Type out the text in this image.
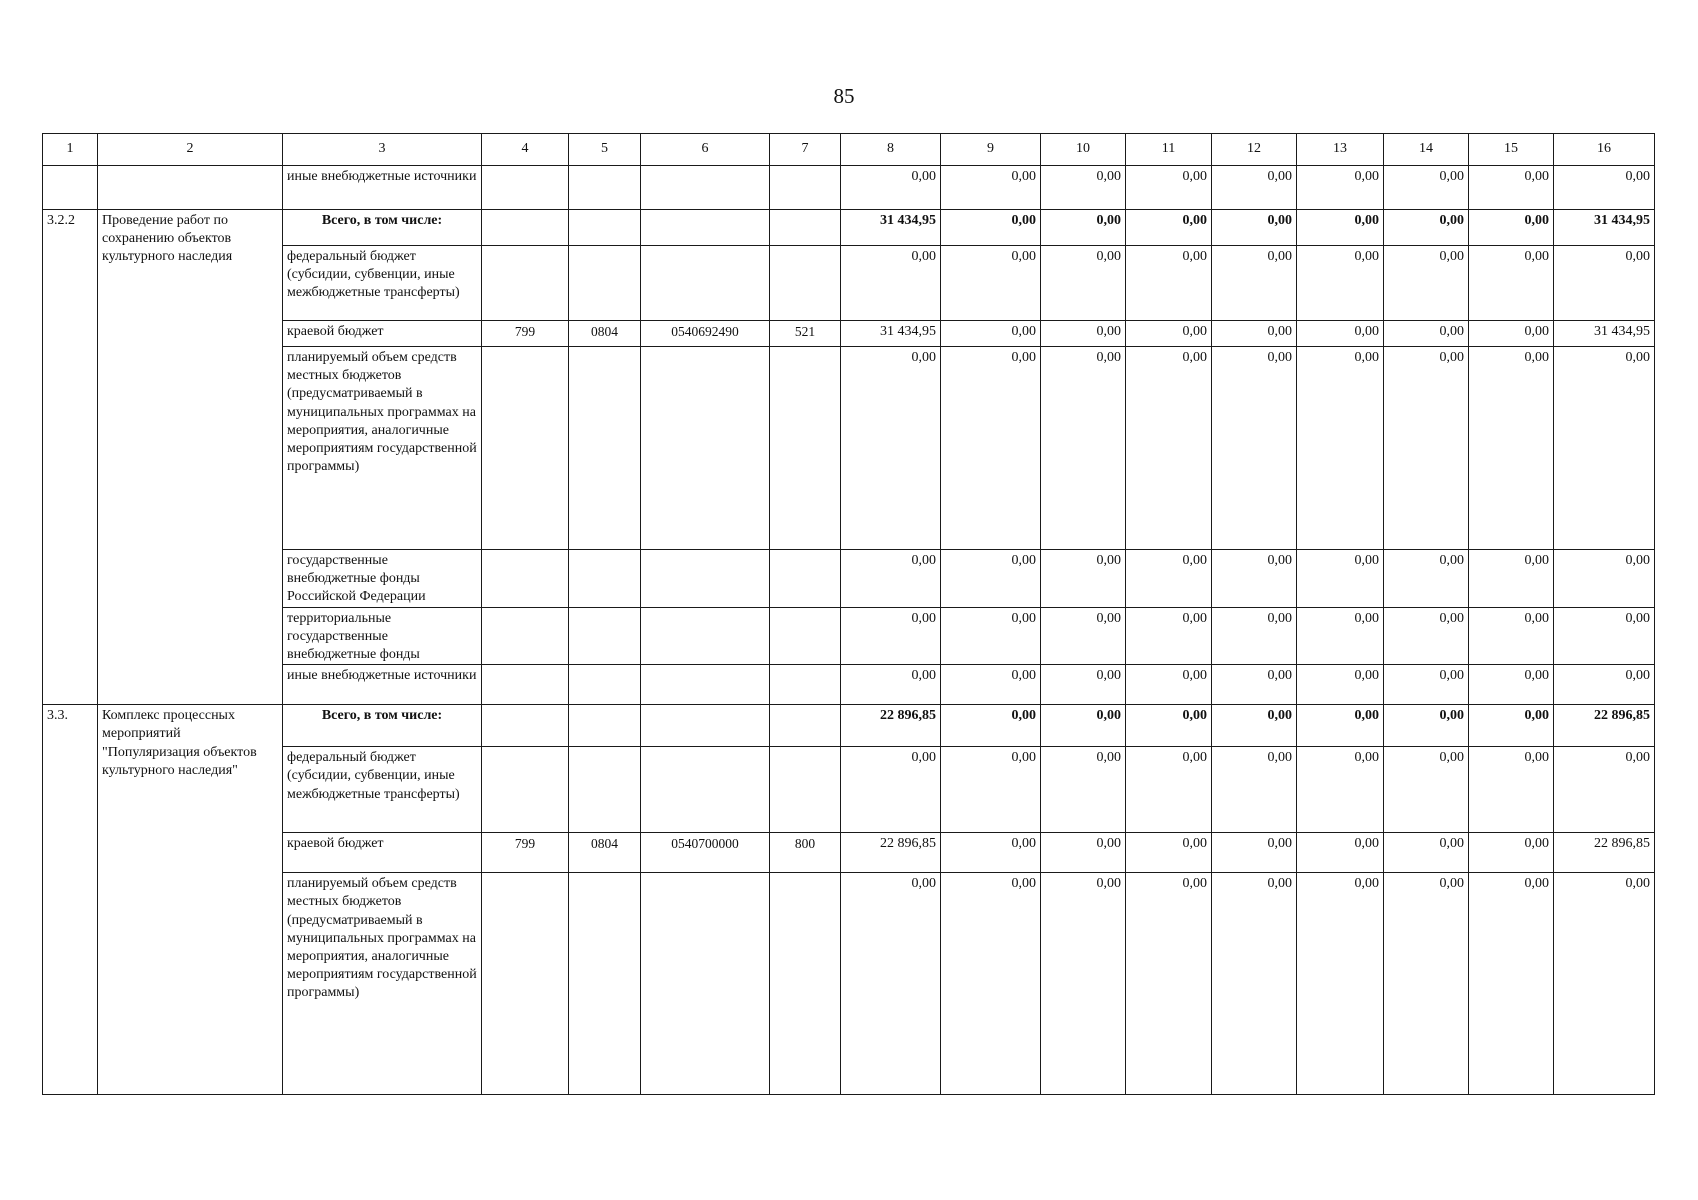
85
1	2	3	4	5	6	7	8	9	10	11	12	13	14	15	16
		иные внебюджетные источники					0,00	0,00	0,00	0,00	0,00	0,00	0,00	0,00	0,00
3.2.2	Проведение работ по сохранению объектов культурного наследия	Всего, в том числе:					31 434,95	0,00	0,00	0,00	0,00	0,00	0,00	0,00	31 434,95
		федеральный бюджет (субсидии, субвенции, иные межбюджетные трансферты)					0,00	0,00	0,00	0,00	0,00	0,00	0,00	0,00	0,00
		краевой бюджет	799	0804	0540692490	521	31 434,95	0,00	0,00	0,00	0,00	0,00	0,00	0,00	31 434,95
		планируемый объем средств местных бюджетов (предусматриваемый в муниципальных программах на мероприятия, аналогичные мероприятиям государственной программы)					0,00	0,00	0,00	0,00	0,00	0,00	0,00	0,00	0,00
		государственные внебюджетные фонды Российской Федерации					0,00	0,00	0,00	0,00	0,00	0,00	0,00	0,00	0,00
		территориальные государственные внебюджетные фонды					0,00	0,00	0,00	0,00	0,00	0,00	0,00	0,00	0,00
		иные внебюджетные источники					0,00	0,00	0,00	0,00	0,00	0,00	0,00	0,00	0,00
3.3.	Комплекс процессных мероприятий "Популяризация объектов культурного наследия"	Всего, в том числе:					22 896,85	0,00	0,00	0,00	0,00	0,00	0,00	0,00	22 896,85
		федеральный бюджет (субсидии, субвенции, иные межбюджетные трансферты)					0,00	0,00	0,00	0,00	0,00	0,00	0,00	0,00	0,00
		краевой бюджет	799	0804	0540700000	800	22 896,85	0,00	0,00	0,00	0,00	0,00	0,00	0,00	22 896,85
		планируемый объем средств местных бюджетов (предусматриваемый в муниципальных программах на мероприятия, аналогичные мероприятиям государственной программы)					0,00	0,00	0,00	0,00	0,00	0,00	0,00	0,00	0,00
